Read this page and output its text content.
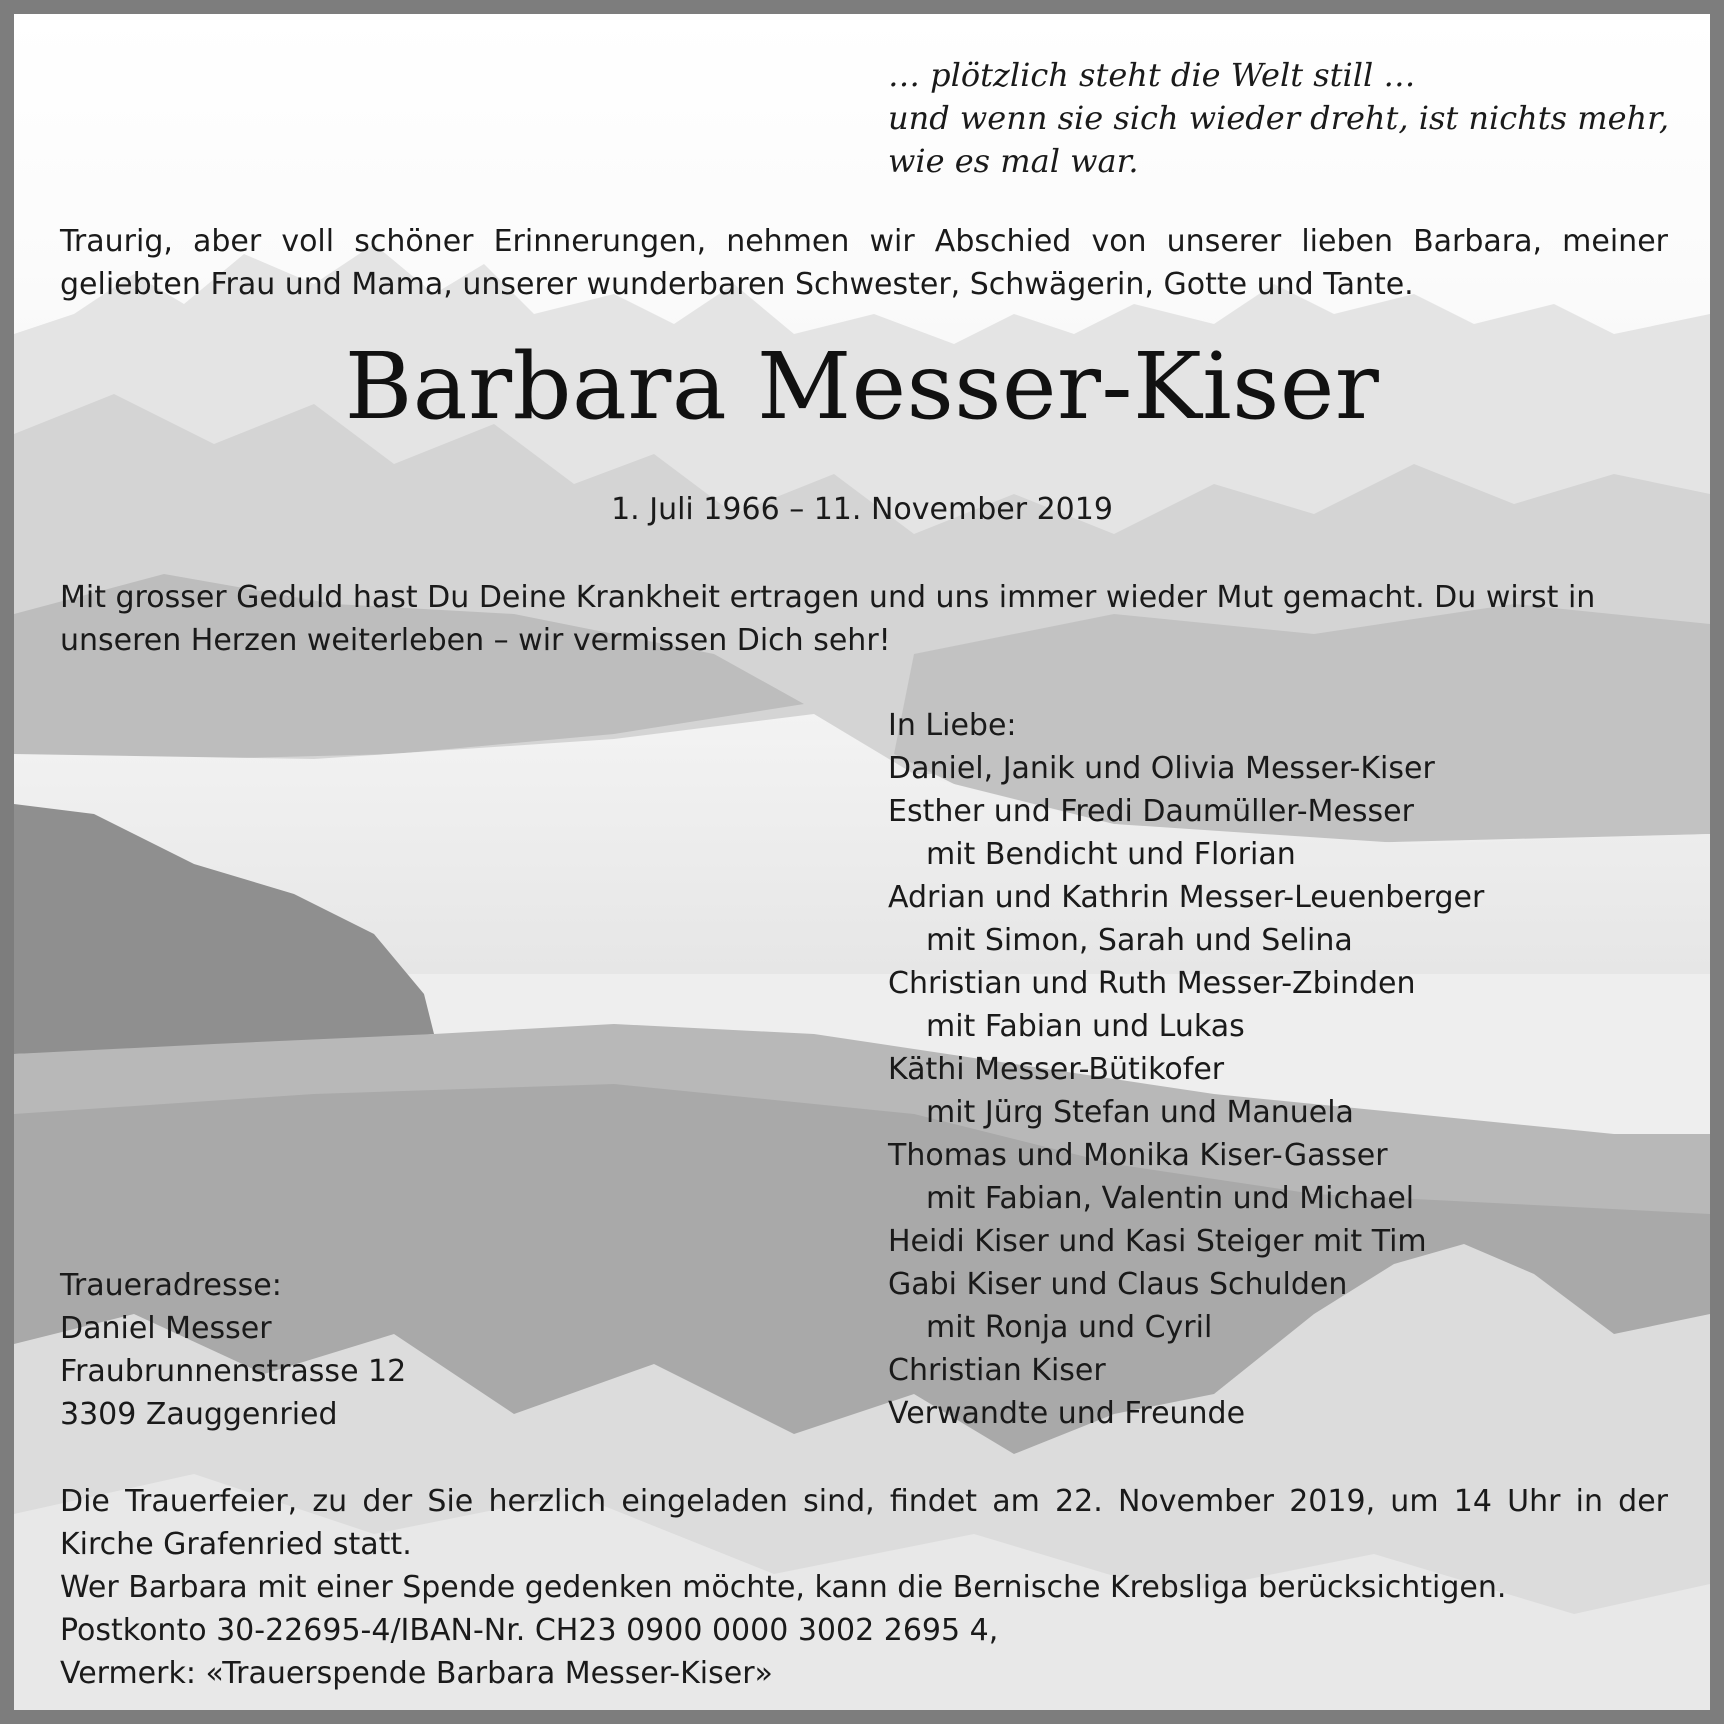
… plötzlich steht die Welt still …
und wenn sie sich wieder dreht, ist nichts mehr,
wie es mal war.
Traurig, aber voll schöner Erinnerungen, nehmen wir Abschied von unserer lieben Barbara, meiner geliebten Frau und Mama, unserer wunderbaren Schwester, Schwägerin, Gotte und Tante.
Barbara Messer-Kiser
1. Juli 1966 – 11. November 2019
Mit grosser Geduld hast Du Deine Krankheit ertragen und uns immer wieder Mut gemacht. Du wirst in unseren Herzen weiterleben – wir vermissen Dich sehr!
In Liebe:
Daniel, Janik und Olivia Messer-Kiser
Esther und Fredi Daumüller-Messer
mit Bendicht und Florian
Adrian und Kathrin Messer-Leuenberger
mit Simon, Sarah und Selina
Christian und Ruth Messer-Zbinden
mit Fabian und Lukas
Käthi Messer-Bütikofer
mit Jürg Stefan und Manuela
Thomas und Monika Kiser-Gasser
mit Fabian, Valentin und Michael
Heidi Kiser und Kasi Steiger mit Tim
Gabi Kiser und Claus Schulden
mit Ronja und Cyril
Christian Kiser
Verwandte und Freunde
Traueradresse:
Daniel Messer
Fraubrunnenstrasse 12
3309 Zauggenried
Die Trauerfeier, zu der Sie herzlich eingeladen sind, findet am 22. November 2019, um 14 Uhr in der Kirche Grafenried statt.
Wer Barbara mit einer Spende gedenken möchte, kann die Bernische Krebsliga berücksichtigen.
Postkonto 30-22695-4/IBAN-Nr. CH23 0900 0000 3002 2695 4,
Vermerk: «Trauerspende Barbara Messer-Kiser»
